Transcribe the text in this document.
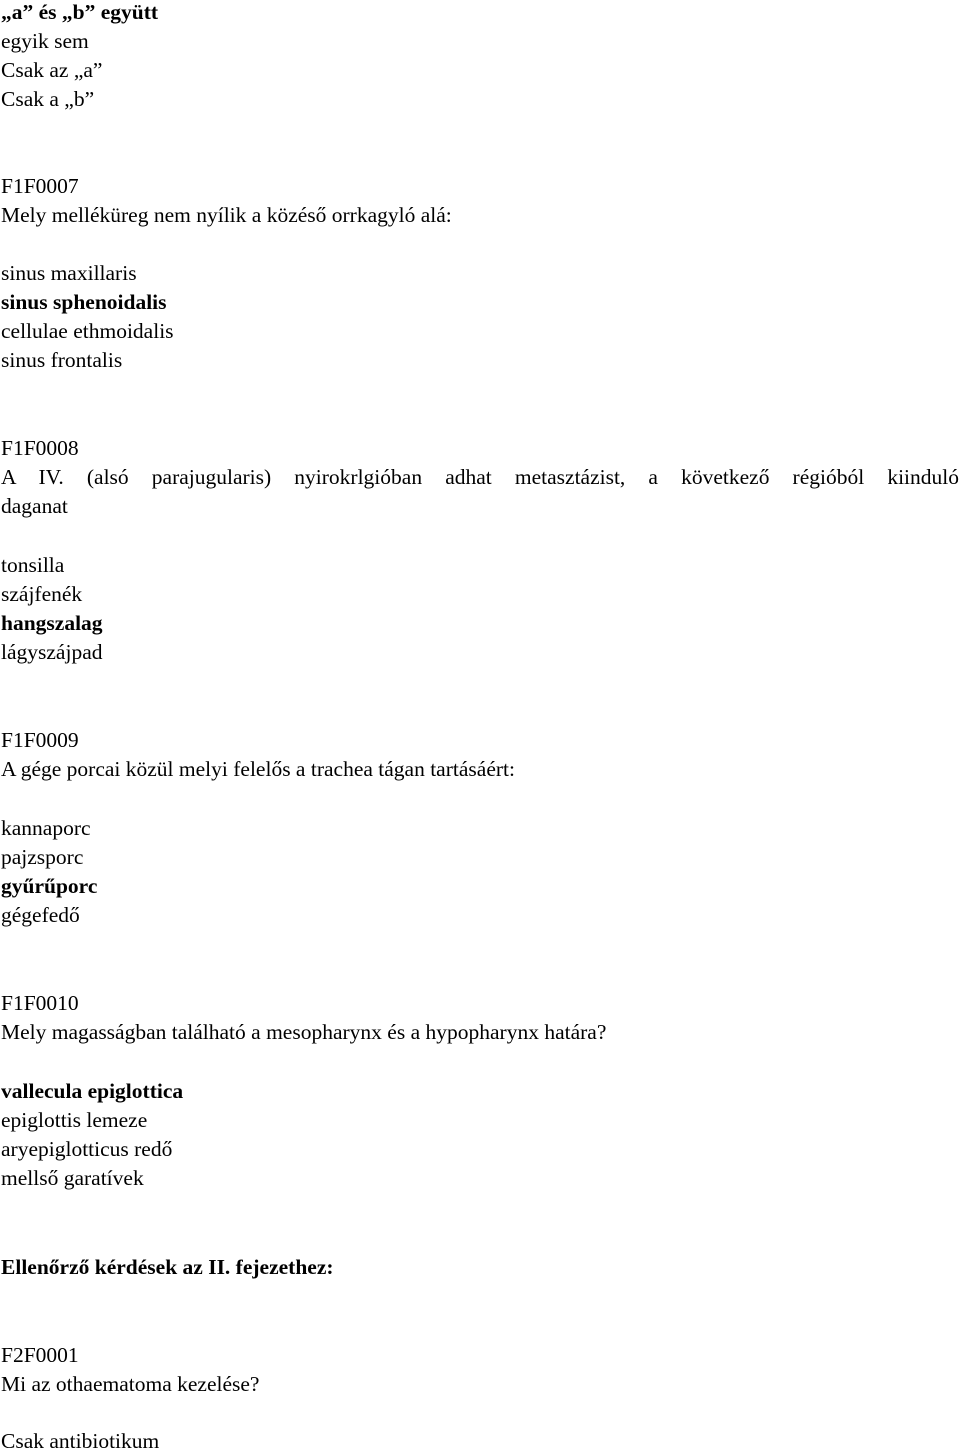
„a” és „b” együtt
egyik sem
Csak az „a”
Csak a „b”
F1F0007
Mely melléküreg nem nyílik a közéső orrkagyló alá:
sinus maxillaris
sinus sphenoidalis
cellulae ethmoidalis
sinus frontalis
F1F0008
A IV. (alsó parajugularis) nyirokrlgióban adhat metasztázist, a következő régióból kiinduló
daganat
tonsilla
szájfenék
hangszalag
lágyszájpad
F1F0009
A gége porcai közül melyi felelős a trachea tágan tartásáért:
kannaporc
pajzsporc
gyűrűporc
gégefedő
F1F0010
Mely magasságban található a mesopharynx és a hypopharynx határa?
vallecula epiglottica
epiglottis lemeze
aryepiglotticus redő
mellső garatívek
Ellenőrző kérdések az II. fejezethez:
F2F0001
Mi az othaematoma kezelése?
Csak antibiotikum
